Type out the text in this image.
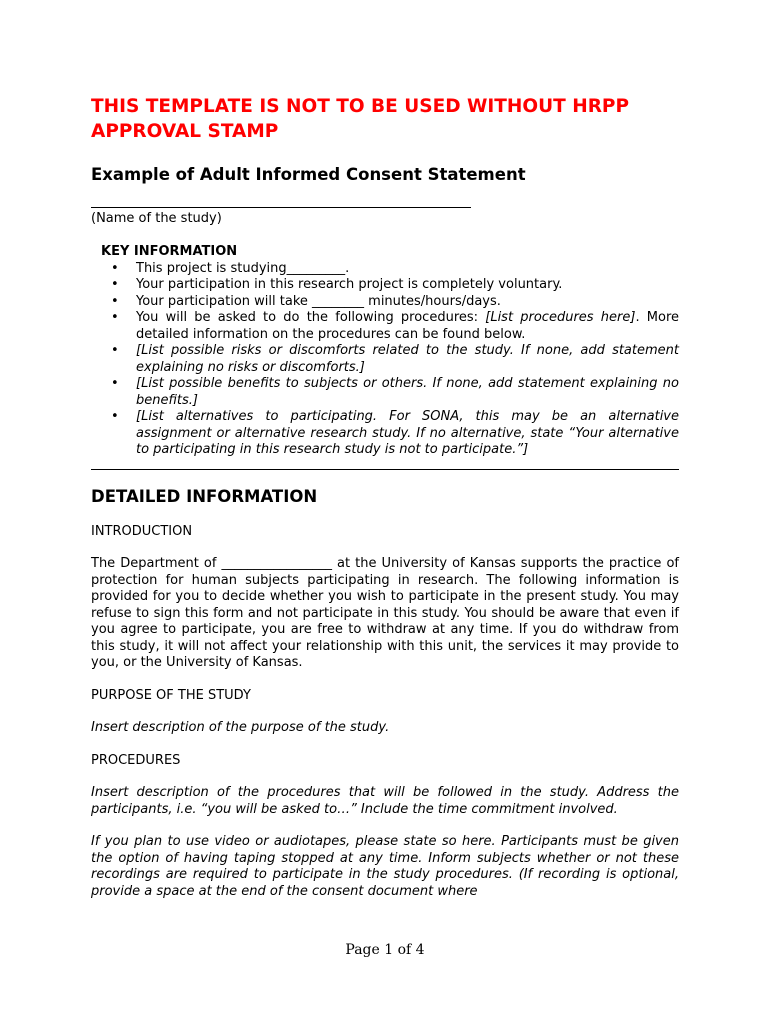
THIS TEMPLATE IS NOT TO BE USED WITHOUT HRPP APPROVAL STAMP

Example of Adult Informed Consent Statement
(Name of the study)
KEY INFORMATION
• This project is studying_________.
• Your participation in this research project is completely voluntary.
• Your participation will take ________ minutes/hours/days.
• You will be asked to do the following procedures: [List procedures here]. More detailed information on the procedures can be found below.
• [List possible risks or discomforts related to the study. If none, add statement explaining no risks or discomforts.]
• [List possible benefits to subjects or others. If none, add statement explaining no benefits.]
• [List alternatives to participating. For SONA, this may be an alternative assignment or alternative research study. If no alternative, state “Your alternative to participating in this research study is not to participate.”]
DETAILED INFORMATION

INTRODUCTION

The Department of _________________ at the University of Kansas supports the practice of protection for human subjects participating in research. The following information is provided for you to decide whether you wish to participate in the present study. You may refuse to sign this form and not participate in this study. You should be aware that even if you agree to participate, you are free to withdraw at any time. If you do withdraw from this study, it will not affect your relationship with this unit, the services it may provide to you, or the University of Kansas.

PURPOSE OF THE STUDY

Insert description of the purpose of the study.

PROCEDURES

Insert description of the procedures that will be followed in the study. Address the participants, i.e. “you will be asked to…” Include the time commitment involved.

If you plan to use video or audiotapes, please state so here. Participants must be given the option of having taping stopped at any time. Inform subjects whether or not these recordings are required to participate in the study procedures. (If recording is optional, provide a space at the end of the consent document where

Page 1 of 4
